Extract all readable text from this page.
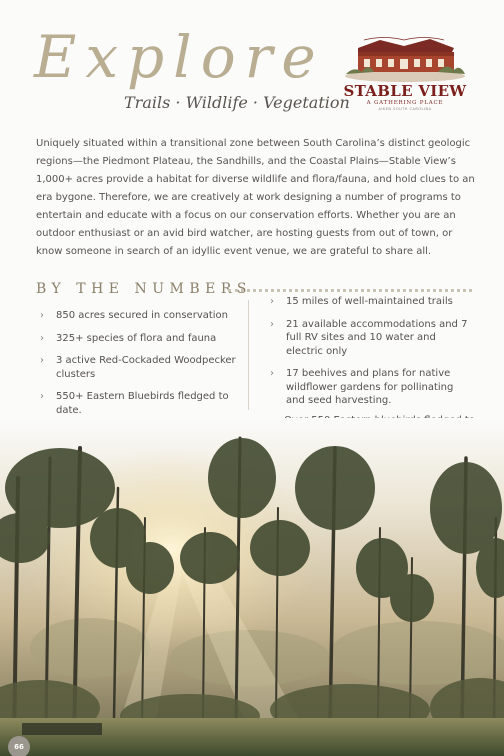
Explore
Trails · Wildlife · Vegetation
STABLE VIEW
A GATHERING PLACE
AIKEN SOUTH CAROLINA

Uniquely situated within a transitional zone between South Carolina’s distinct geologic regions—the Piedmont Plateau, the Sandhills, and the Coastal Plains—Stable View’s 1,000+ acres provide a habitat for diverse wildlife and flora/fauna, and hold clues to an era bygone. Therefore, we are creatively at work designing a number of programs to entertain and educate with a focus on our conservation efforts. Whether you are an outdoor enthusiast or an avid bird watcher, are hosting guests from out of town, or know someone in search of an idyllic event venue, we are grateful to share all.

BY THE NUMBERS
› 850 acres secured in conservation
› 325+ species of flora and fauna
› 3 active Red-Cockaded Woodpecker clusters
› 550+ Eastern Bluebirds fledged to date.
› 15 miles of well-maintained trails
› 21 available accommodations and 7 full RV sites and 10 water and electric only
› 17 beehives and plans for native wildflower gardens for pollinating and seed harvesting.
66
